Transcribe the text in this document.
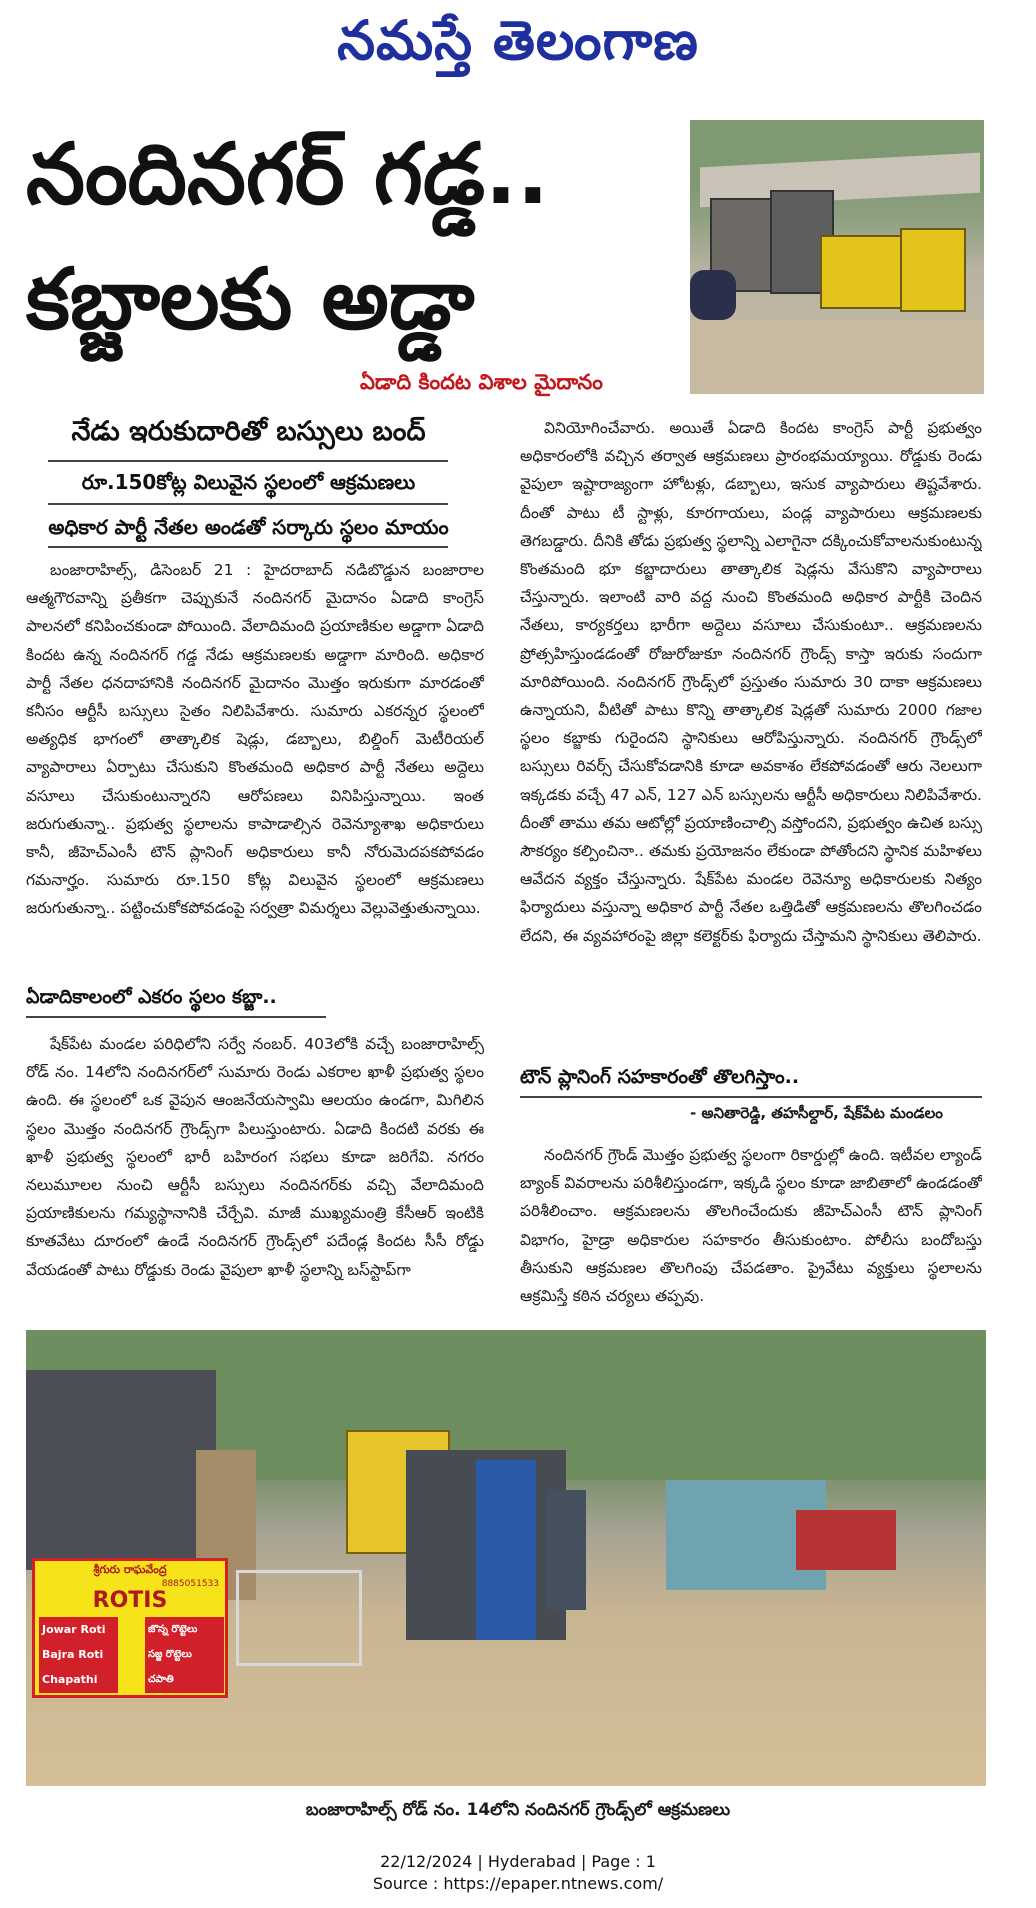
నమస్తే తెలంగాణ
నందినగర్ గడ్డ..
కబ్జాలకు అడ్డా
ఏడాది కిందట విశాల మైదానం
నేడు ఇరుకుదారితో బస్సులు బంద్
రూ.150కోట్ల విలువైన స్థలంలో ఆక్రమణలు
అధికార పార్టీ నేతల అండతో సర్కారు స్థలం మాయం
బంజారాహిల్స్, డిసెంబర్ 21 : హైదరాబాద్ నడిబొడ్డున బంజారాల ఆత్మగౌరవాన్ని ప్రతీకగా చెప్పుకునే నందినగర్ మైదానం ఏడాది కాంగ్రెస్ పాలనలో కనిపించకుండా పోయింది. వేలాదిమంది ప్రయాణికుల అడ్డాగా ఏడాది కిందట ఉన్న నందినగర్ గడ్డ నేడు ఆక్రమణలకు అడ్డాగా మారింది. అధికార పార్టీ నేతల ధనదాహానికి నందినగర్ మైదానం మొత్తం ఇరుకుగా మారడంతో కనీసం ఆర్టీసీ బస్సులు సైతం నిలిపివేశారు. సుమారు ఎకరన్నర స్థలంలో అత్యధిక భాగంలో తాత్కాలిక షెడ్లు, డబ్బాలు, బిల్డింగ్ మెటీరియల్ వ్యాపారాలు ఏర్పాటు చేసుకుని కొంతమంది అధికార పార్టీ నేతలు అద్దెలు వసూలు చేసుకుంటున్నారని ఆరోపణలు వినిపిస్తున్నాయి. ఇంత జరుగుతున్నా.. ప్రభుత్వ స్థలాలను కాపాడాల్సిన రెవెన్యూశాఖ అధికారులు కానీ, జీహెచ్ఎంసీ టౌన్ ప్లానింగ్ అధికారులు కానీ నోరుమెదపకపోవడం గమనార్హం. సుమారు రూ.150 కోట్ల విలువైన స్థలంలో ఆక్రమణలు జరుగుతున్నా.. పట్టించుకోకపోవడంపై సర్వత్రా విమర్శలు వెల్లువెత్తుతున్నాయి.
ఏడాదికాలంలో ఎకరం స్థలం కబ్జా..
షేక్‌పేట మండల పరిధిలోని సర్వే నంబర్. 403లోకి వచ్చే బంజారాహిల్స్ రోడ్ నం. 14లోని నందినగర్‌లో సుమారు రెండు ఎకరాల ఖాళీ ప్రభుత్వ స్థలం ఉంది. ఈ స్థలంలో ఒక వైపున ఆంజనేయస్వామి ఆలయం ఉండగా, మిగిలిన స్థలం మొత్తం నందినగర్ గ్రౌండ్స్‌గా పిలుస్తుంటారు. ఏడాది కిందటి వరకు ఈ ఖాళీ ప్రభుత్వ స్థలంలో భారీ బహిరంగ సభలు కూడా జరిగేవి. నగరం నలుమూలల నుంచి ఆర్టీసీ బస్సులు నందినగర్‌కు వచ్చి వేలాదిమంది ప్రయాణికులను గమ్యస్థానానికి చేర్చేవి. మాజీ ముఖ్యమంత్రి కేసీఆర్ ఇంటికి కూతవేటు దూరంలో ఉండే నందినగర్ గ్రౌండ్స్‌లో పదేండ్ల కిందట సీసీ రోడ్డు వేయడంతో పాటు రోడ్డుకు రెండు వైపులా ఖాళీ స్థలాన్ని బస్‌స్టాప్‌గా
వినియోగించేవారు. అయితే ఏడాది కిందట కాంగ్రెస్ పార్టీ ప్రభుత్వం అధికారంలోకి వచ్చిన తర్వాత ఆక్రమణలు ప్రారంభమయ్యాయి. రోడ్డుకు రెండు వైపులా ఇష్టారాజ్యంగా హోటళ్లు, డబ్బాలు, ఇసుక వ్యాపారులు తిష్టవేశారు. దీంతో పాటు టీ స్టాళ్లు, కూరగాయలు, పండ్ల వ్యాపారులు ఆక్రమణలకు తెగబడ్డారు. దీనికి తోడు ప్రభుత్వ స్థలాన్ని ఎలాగైనా దక్కించుకోవాలనుకుంటున్న కొంతమంది భూ కబ్జాదారులు తాత్కాలిక షెడ్లను వేసుకొని వ్యాపారాలు చేస్తున్నారు. ఇలాంటి వారి వద్ద నుంచి కొంతమంది అధికార పార్టీకి చెందిన నేతలు, కార్యకర్తలు భారీగా అద్దెలు వసూలు చేసుకుంటూ.. ఆక్రమణలను ప్రోత్సహిస్తుండడంతో రోజురోజుకూ నందినగర్ గ్రౌండ్స్ కాస్తా ఇరుకు సందుగా మారిపోయింది. నందినగర్ గ్రౌండ్స్‌లో ప్రస్తుతం సుమారు 30 దాకా ఆక్రమణలు ఉన్నాయని, వీటితో పాటు కొన్ని తాత్కాలిక షెడ్లతో సుమారు 2000 గజాల స్థలం కబ్జాకు గురైందని స్థానికులు ఆరోపిస్తున్నారు. నందినగర్ గ్రౌండ్స్‌లో బస్సులు రివర్స్ చేసుకోవడానికి కూడా అవకాశం లేకపోవడంతో ఆరు నెలలుగా ఇక్కడకు వచ్చే 47 ఎన్, 127 ఎన్ బస్సులను ఆర్టీసీ అధికారులు నిలిపివేశారు. దీంతో తాము తమ ఆటోల్లో ప్రయాణించాల్సి వస్తోందని, ప్రభుత్వం ఉచిత బస్సు సౌకర్యం కల్పించినా.. తమకు ప్రయోజనం లేకుండా పోతోందని స్థానిక మహిళలు ఆవేదన వ్యక్తం చేస్తున్నారు. షేక్‌పేట మండల రెవెన్యూ అధికారులకు నిత్యం ఫిర్యాదులు వస్తున్నా అధికార పార్టీ నేతల ఒత్తిడితో ఆక్రమణలను తొలగించడం లేదని, ఈ వ్యవహారంపై జిల్లా కలెక్టర్‌కు ఫిర్యాదు చేస్తామని స్థానికులు తెలిపారు.
టౌన్ ప్లానింగ్ సహకారంతో తొలగిస్తాం..
- అనితారెడ్డి, తహసీల్దార్, షేక్‌పేట మండలం
నందినగర్ గ్రౌండ్ మొత్తం ప్రభుత్వ స్థలంగా రికార్డుల్లో ఉంది. ఇటీవల ల్యాండ్ బ్యాంక్ వివరాలను పరిశీలిస్తుండగా, ఇక్కడి స్థలం కూడా జాబితాలో ఉండడంతో పరిశీలించాం. ఆక్రమణలను తొలగించేందుకు జీహెచ్ఎంసీ టౌన్ ప్లానింగ్ విభాగం, హైడ్రా అధికారుల సహకారం తీసుకుంటాం. పోలీసు బందోబస్తు తీసుకుని ఆక్రమణల తొలగింపు చేపడతాం. ప్రైవేటు వ్యక్తులు స్థలాలను ఆక్రమిస్తే కఠిన చర్యలు తప్పవు.
శ్రీగురు రాఘవేంద్ర
8885051533
ROTIS
Jowar Roti
Bajra Roti
Chapathi
జొన్న రొట్టెలు
సజ్జ రొట్టెలు
చపాతి
బంజారాహిల్స్ రోడ్ నం. 14లోని నందినగర్ గ్రౌండ్స్‌లో ఆక్రమణలు
22/12/2024 | Hyderabad | Page : 1
Source : https://epaper.ntnews.com/
